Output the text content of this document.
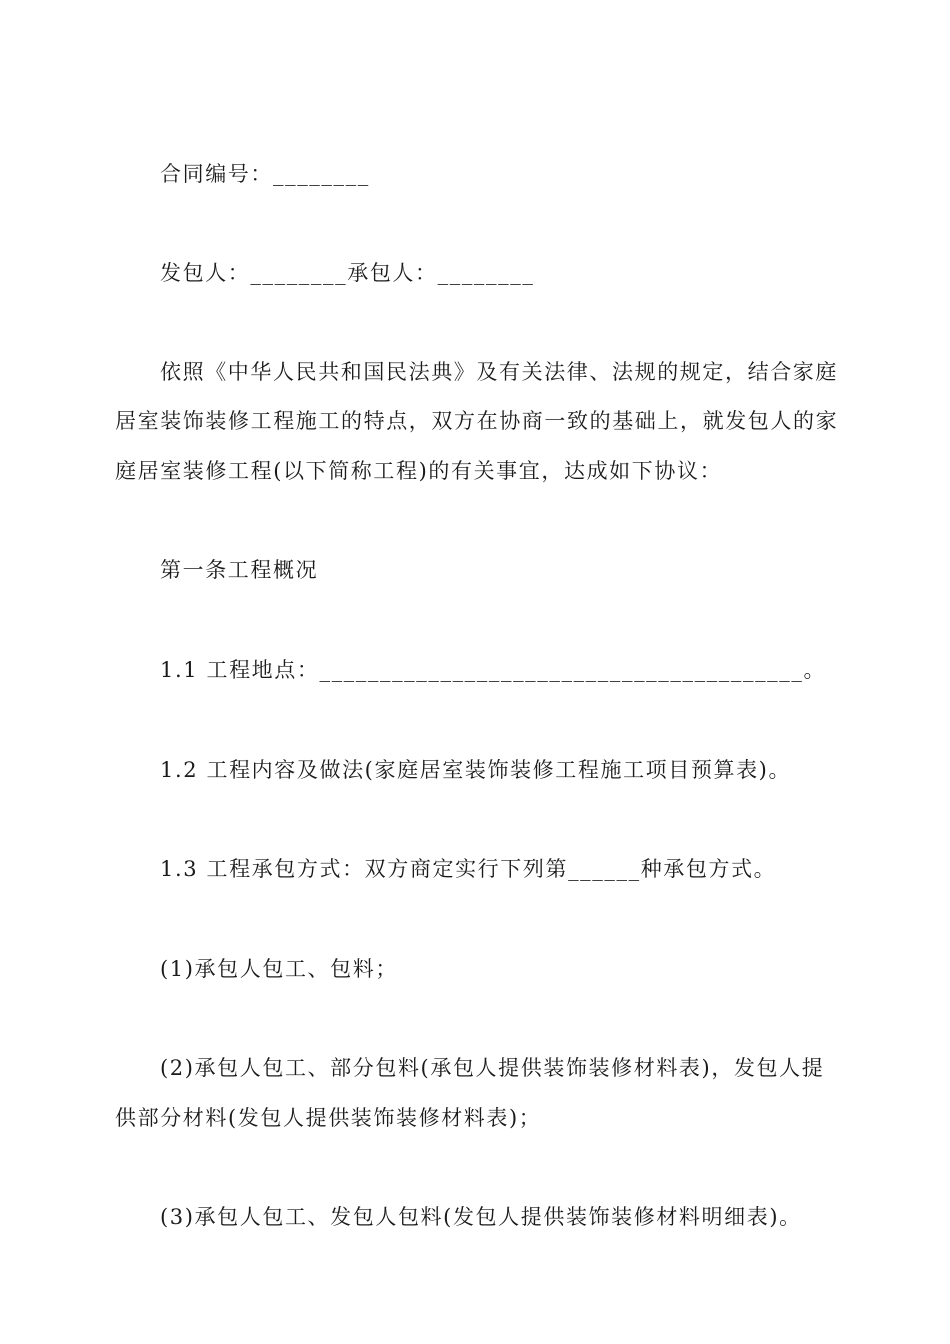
合同编号：________
发包人：________承包人：________
依照《中华人民共和国民法典》及有关法律、法规的规定，结合家庭
居室装饰装修工程施工的特点，双方在协商一致的基础上，就发包人的家
庭居室装修工程(以下简称工程)的有关事宜，达成如下协议：
第一条工程概况
1.1 工程地点：________________________________________。
1.2 工程内容及做法(家庭居室装饰装修工程施工项目预算表)。
1.3 工程承包方式：双方商定实行下列第______种承包方式。
(1)承包人包工、包料；
(2)承包人包工、部分包料(承包人提供装饰装修材料表)，发包人提
供部分材料(发包人提供装饰装修材料表)；
(3)承包人包工、发包人包料(发包人提供装饰装修材料明细表)。
